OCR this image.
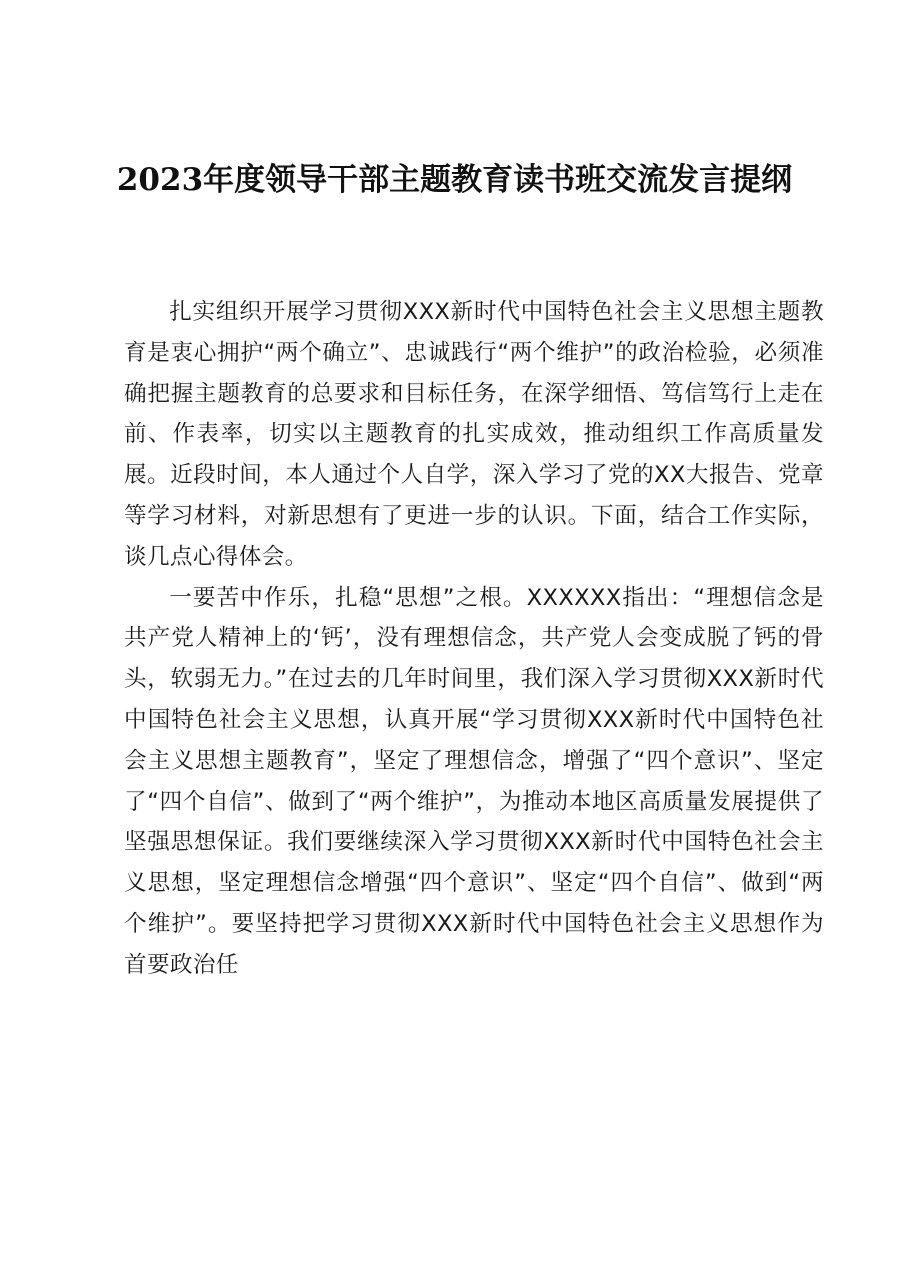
2023年度领导干部主题教育读书班交流发言提纲

扎实组织开展学习贯彻XXX新时代中国特色社会主义思想主题教育是衷心拥护“两个确立”、忠诚践行“两个维护”的政治检验，必须准确把握主题教育的总要求和目标任务，在深学细悟、笃信笃行上走在前、作表率，切实以主题教育的扎实成效，推动组织工作高质量发展。近段时间，本人通过个人自学，深入学习了党的XX大报告、党章等学习材料，对新思想有了更进一步的认识。下面，结合工作实际，谈几点心得体会。

一要苦中作乐，扎稳“思想”之根。XXXXXX指出：“理想信念是共产党人精神上的‘钙’，没有理想信念，共产党人会变成脱了钙的骨头，软弱无力。”在过去的几年时间里，我们深入学习贯彻XXX新时代中国特色社会主义思想，认真开展“学习贯彻XXX新时代中国特色社会主义思想主题教育”，坚定了理想信念，增强了“四个意识”、坚定了“四个自信”、做到了“两个维护”，为推动本地区高质量发展提供了坚强思想保证。我们要继续深入学习贯彻XXX新时代中国特色社会主义思想，坚定理想信念增强“四个意识”、坚定“四个自信”、做到“两个维护”。要坚持把学习贯彻XXX新时代中国特色社会主义思想作为首要政治任
